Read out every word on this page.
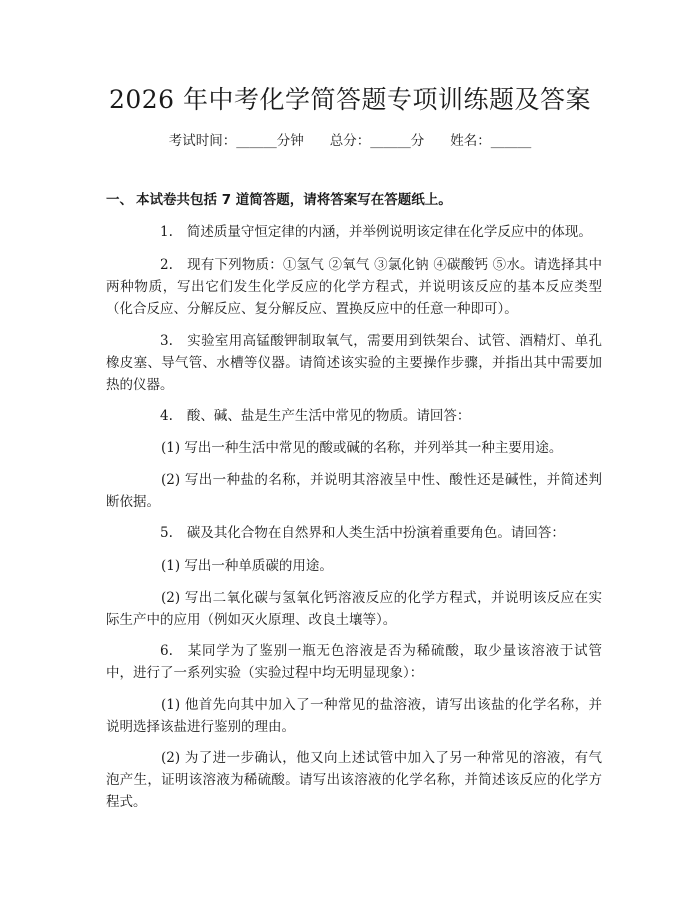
2026 年中考化学简答题专项训练题及答案
考试时间：______分钟 总分：______分 姓名：______
一、 本试卷共包括 7 道简答题，请将答案写在答题纸上。

1. 简述质量守恒定律的内涵，并举例说明该定律在化学反应中的体现。

2. 现有下列物质：①氢气 ②氧气 ③氯化钠 ④碳酸钙 ⑤水。请选择其中两种物质，写出它们发生化学反应的化学方程式，并说明该反应的基本反应类型（化合反应、分解反应、复分解反应、置换反应中的任意一种即可）。

3. 实验室用高锰酸钾制取氧气，需要用到铁架台、试管、酒精灯、单孔橡皮塞、导气管、水槽等仪器。请简述该实验的主要操作步骤，并指出其中需要加热的仪器。

4. 酸、碱、盐是生产生活中常见的物质。请回答：

(1) 写出一种生活中常见的酸或碱的名称，并列举其一种主要用途。

(2) 写出一种盐的名称，并说明其溶液呈中性、酸性还是碱性，并简述判断依据。

5. 碳及其化合物在自然界和人类生活中扮演着重要角色。请回答：

(1) 写出一种单质碳的用途。

(2) 写出二氧化碳与氢氧化钙溶液反应的化学方程式，并说明该反应在实际生产中的应用（例如灭火原理、改良土壤等）。

6. 某同学为了鉴别一瓶无色溶液是否为稀硫酸，取少量该溶液于试管中，进行了一系列实验（实验过程中均无明显现象）：

(1) 他首先向其中加入了一种常见的盐溶液，请写出该盐的化学名称，并说明选择该盐进行鉴别的理由。

(2) 为了进一步确认，他又向上述试管中加入了另一种常见的溶液，有气泡产生，证明该溶液为稀硫酸。请写出该溶液的化学名称，并简述该反应的化学方程式。
